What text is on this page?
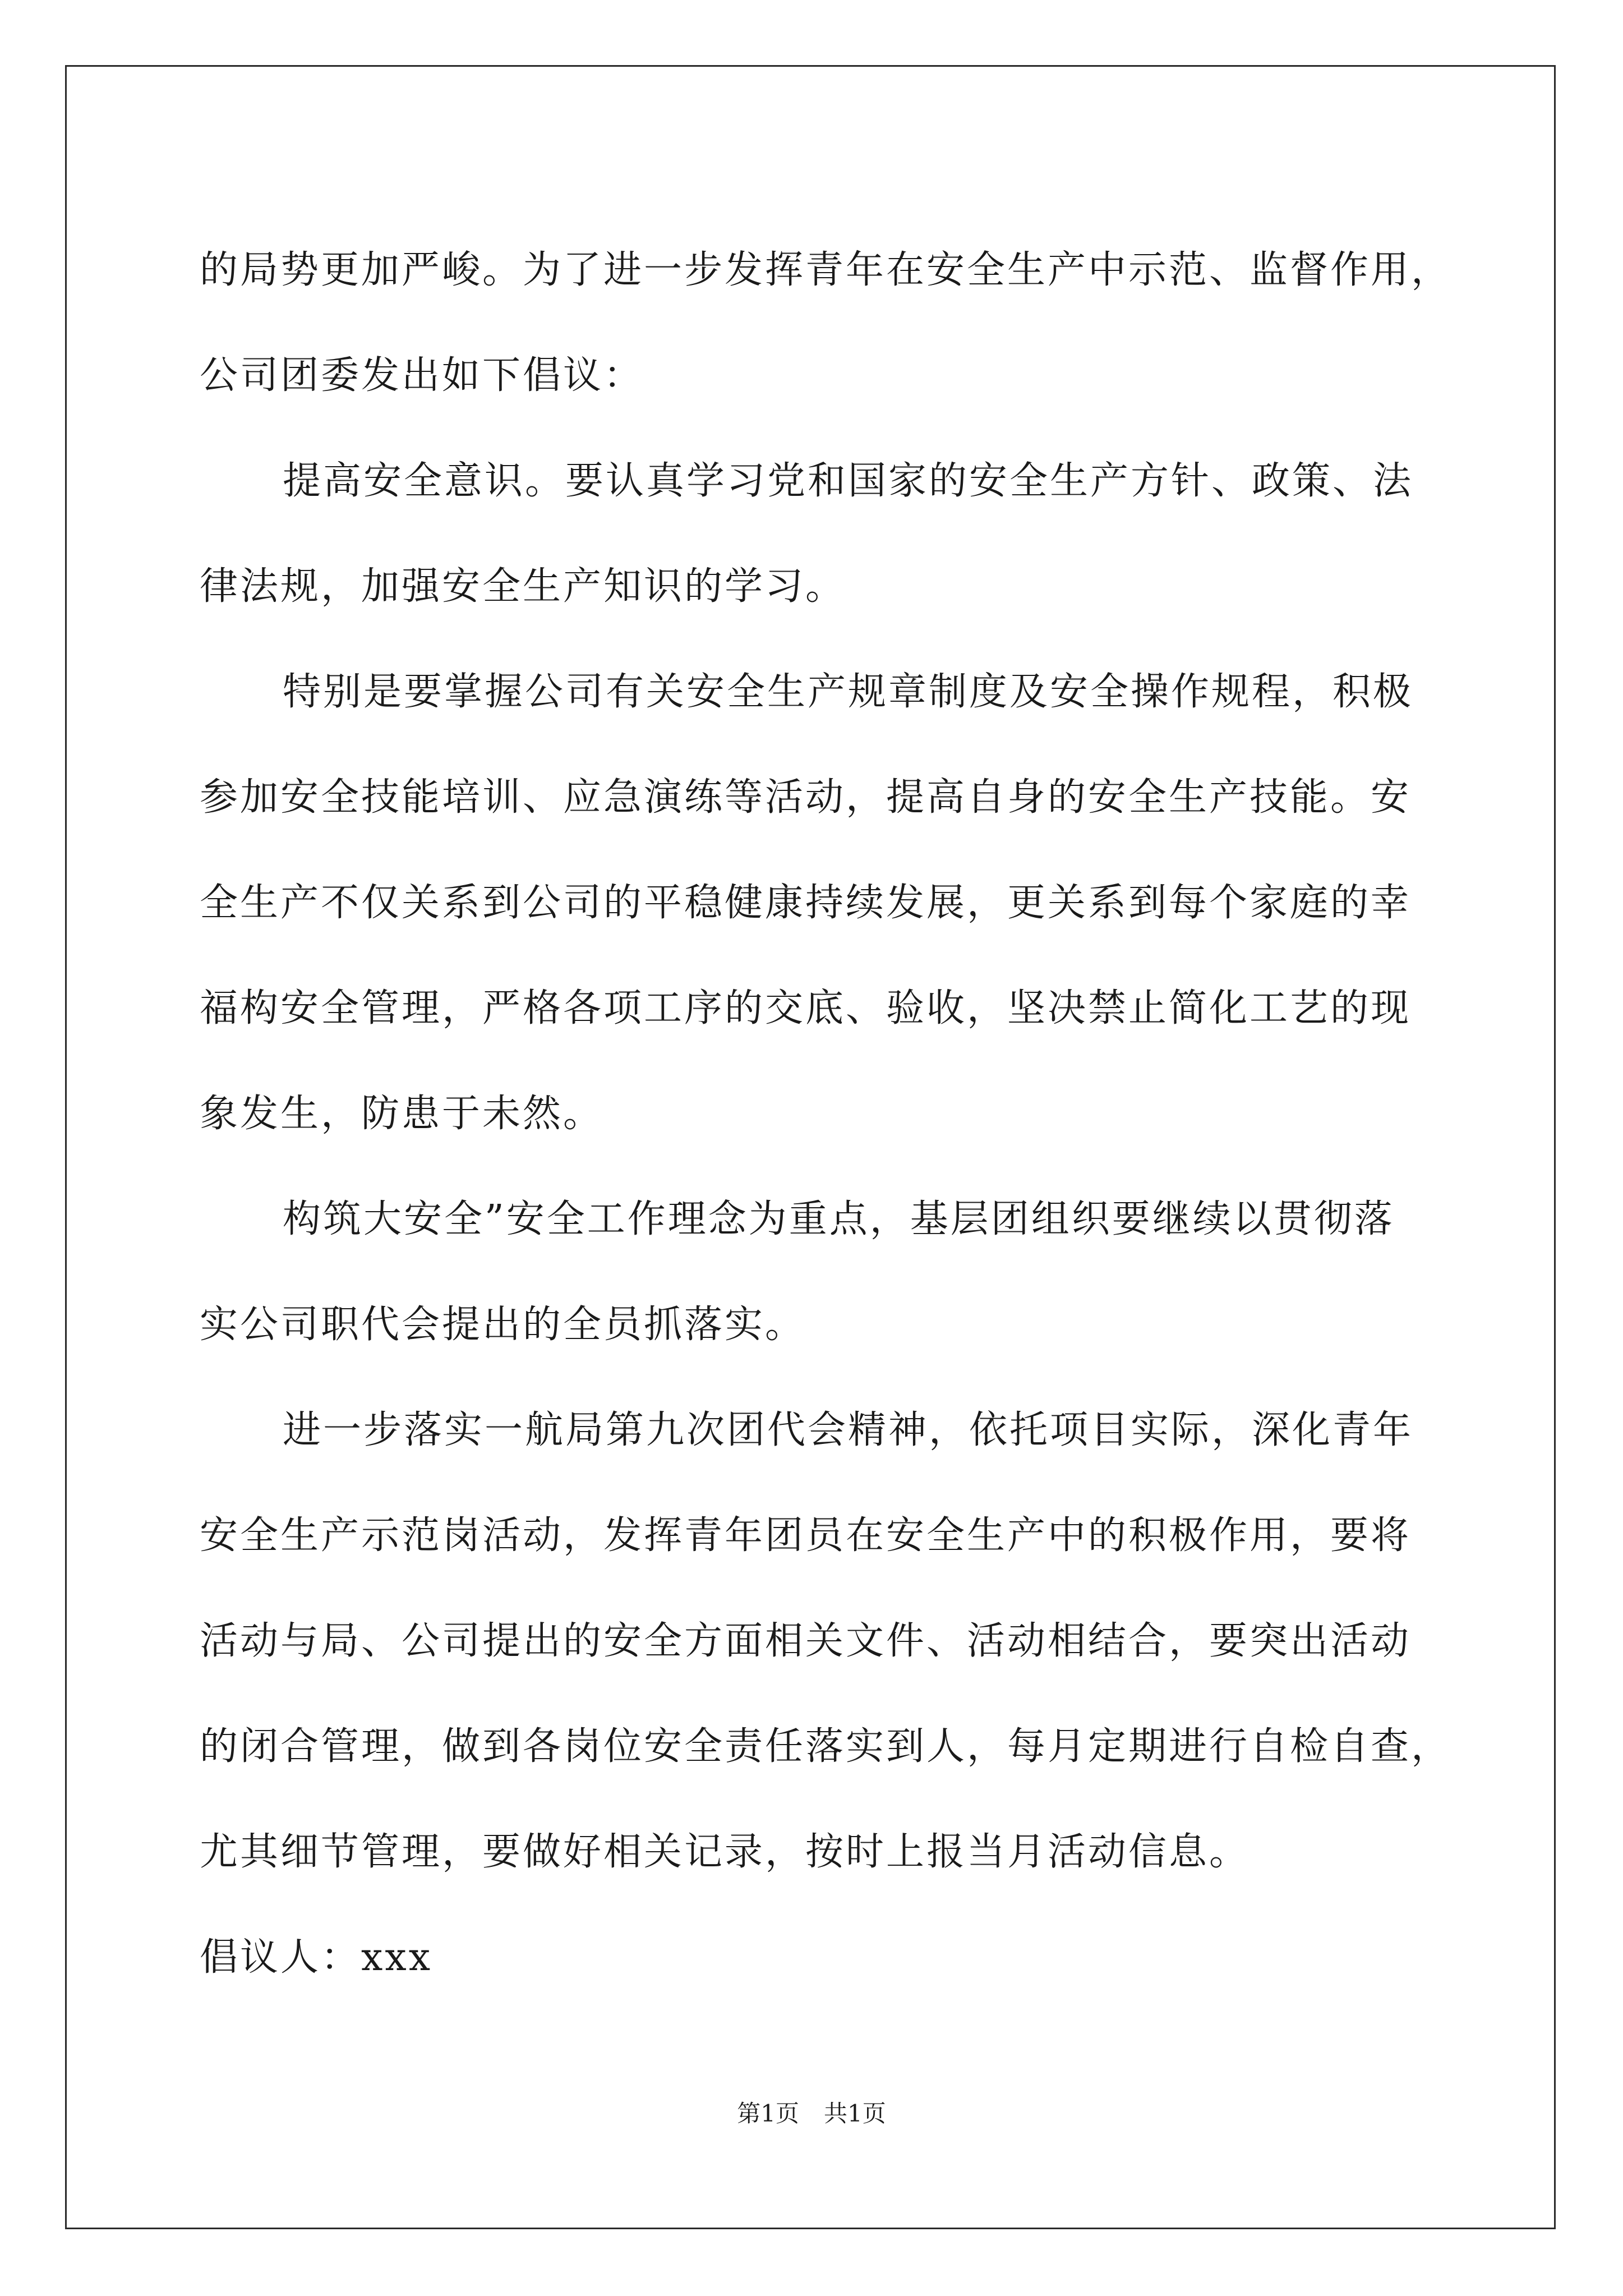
的局势更加严峻。为了进一步发挥青年在安全生产中示范、监督作用，

公司团委发出如下倡议：

提高安全意识。要认真学习党和国家的安全生产方针、政策、法

律法规，加强安全生产知识的学习。

特别是要掌握公司有关安全生产规章制度及安全操作规程，积极

参加安全技能培训、应急演练等活动，提高自身的安全生产技能。安

全生产不仅关系到公司的平稳健康持续发展，更关系到每个家庭的幸

福构安全管理，严格各项工序的交底、验收，坚决禁止简化工艺的现

象发生，防患于未然。

构筑大安全”安全工作理念为重点，基层团组织要继续以贯彻落

实公司职代会提出的全员抓落实。

进一步落实一航局第九次团代会精神，依托项目实际，深化青年

安全生产示范岗活动，发挥青年团员在安全生产中的积极作用，要将

活动与局、公司提出的安全方面相关文件、活动相结合，要突出活动

的闭合管理，做到各岗位安全责任落实到人，每月定期进行自检自查，

尤其细节管理，要做好相关记录，按时上报当月活动信息。

倡议人：xxx

第1页 共1页
